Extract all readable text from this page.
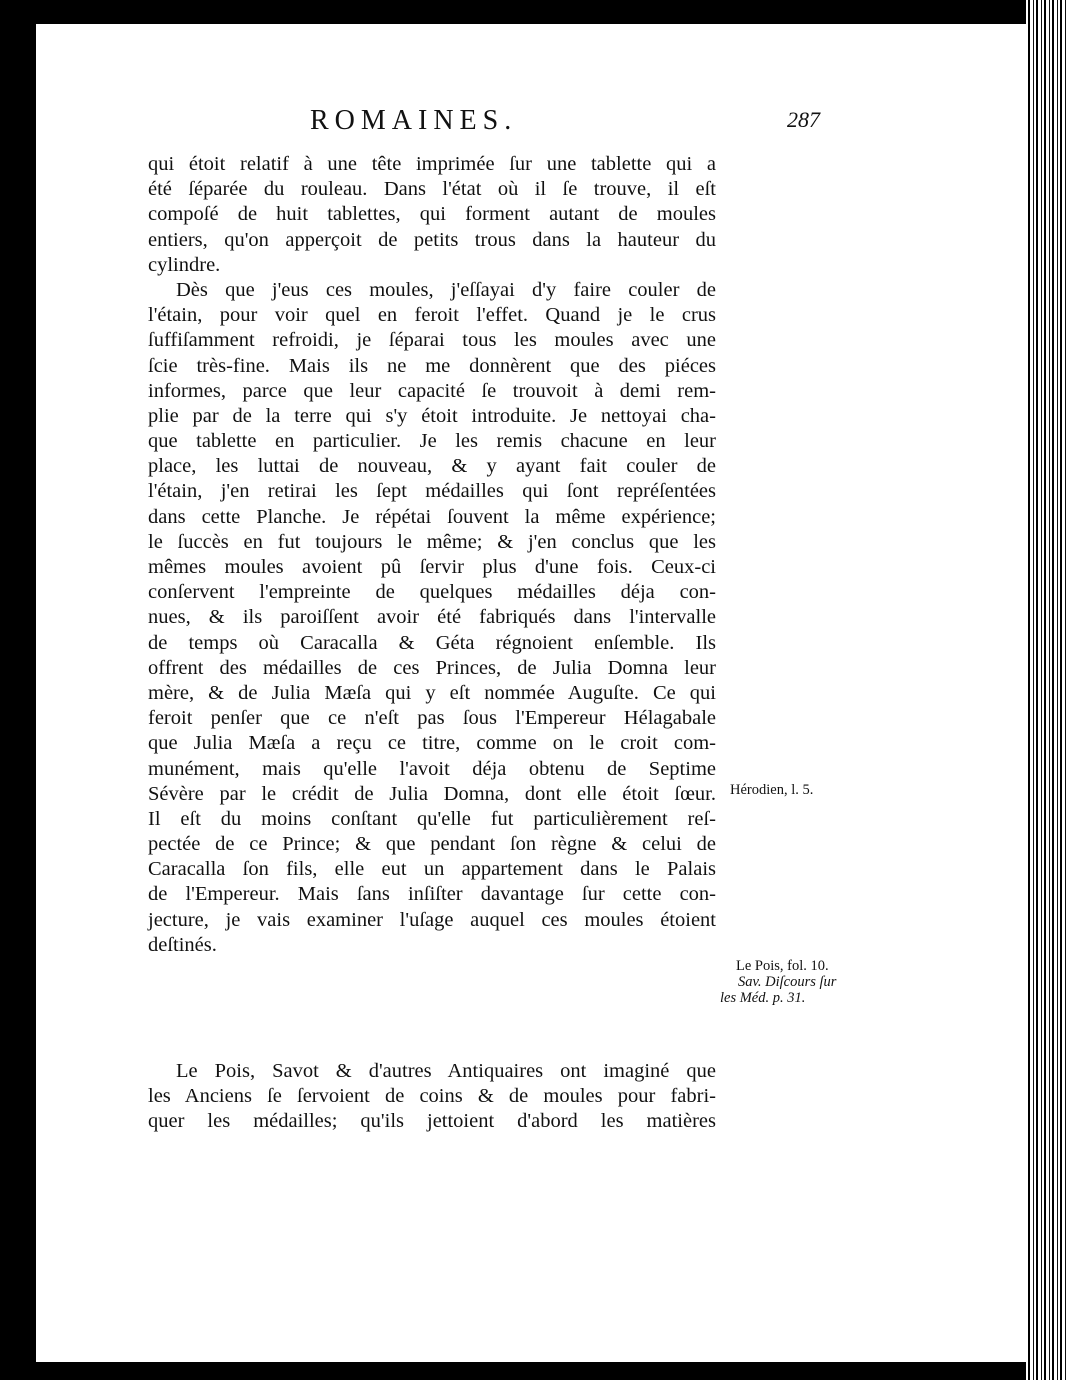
ROMAINES.	287
qui étoit relatif à une tête imprimée ſur une tablette qui a
été ſéparée du rouleau. Dans l'état où il ſe trouve, il eſt
compoſé de huit tablettes, qui forment autant de moules
entiers, qu'on apperçoit de petits trous dans la hauteur du
cylindre.
Dès que j'eus ces moules, j'eſſayai d'y faire couler de
l'étain, pour voir quel en feroit l'effet. Quand je le crus
ſuffiſamment refroidi, je ſéparai tous les moules avec une
ſcie très-fine. Mais ils ne me donnèrent que des piéces
informes, parce que leur capacité ſe trouvoit à demi rem-
plie par de la terre qui s'y étoit introduite. Je nettoyai cha-
que tablette en particulier. Je les remis chacune en leur
place, les luttai de nouveau, & y ayant fait couler de
l'étain, j'en retirai les ſept médailles qui ſont repréſentées
dans cette Planche. Je répétai ſouvent la même expérience;
le ſuccès en fut toujours le même; & j'en conclus que les
mêmes moules avoient pû ſervir plus d'une fois. Ceux-ci
conſervent l'empreinte de quelques médailles déja con-
nues, & ils paroiſſent avoir été fabriqués dans l'intervalle
de temps où Caracalla & Géta régnoient enſemble. Ils
offrent des médailles de ces Princes, de Julia Domna leur
mère, & de Julia Mæſa qui y eſt nommée Auguſte. Ce qui
feroit penſer que ce n'eſt pas ſous l'Empereur Hélagabale
que Julia Mæſa a reçu ce titre, comme on le croit com-
munément, mais qu'elle l'avoit déja obtenu de Septime
Sévère par le crédit de Julia Domna, dont elle étoit ſœur.
Il eſt du moins conſtant qu'elle fut particulièrement reſ-
pectée de ce Prince; & que pendant ſon règne & celui de
Caracalla ſon fils, elle eut un appartement dans le Palais
de l'Empereur. Mais ſans inſiſter davantage ſur cette con-
jecture, je vais examiner l'uſage auquel ces moules étoient
deſtinés.
Le Pois, Savot & d'autres Antiquaires ont imaginé que
les Anciens ſe ſervoient de coins & de moules pour fabri-
quer les médailles; qu'ils jettoient d'abord les matières
Hérodien, l. 5.
Le Pois, fol. 10.
Sav. Diſcours ſur
les Méd. p. 31.
